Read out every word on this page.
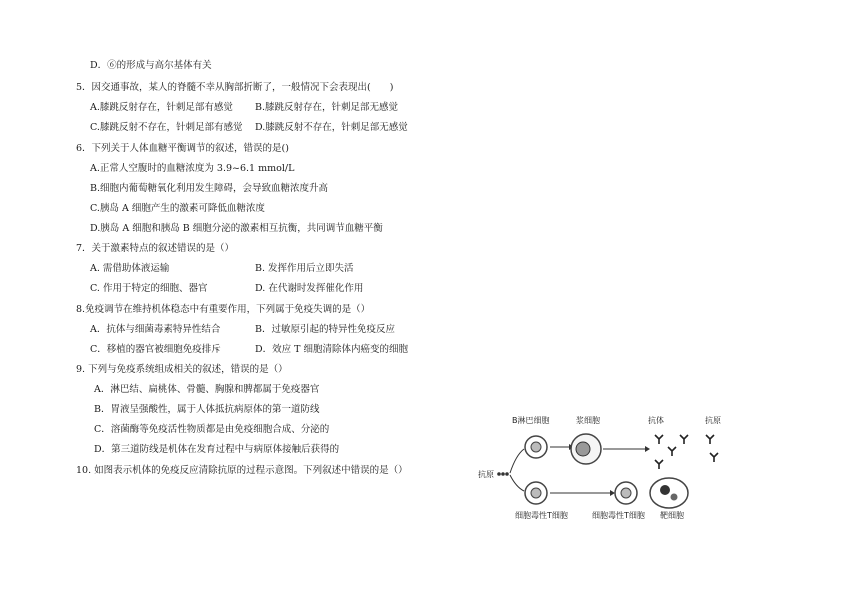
D．⑥的形成与高尔基体有关
5．因交通事故，某人的脊髓不幸从胸部折断了，一般情况下会表现出(　　)
A.膝跳反射存在，针刺足部有感觉 B.膝跳反射存在，针刺足部无感觉
C.膝跳反射不存在，针刺足部有感觉 D.膝跳反射不存在，针刺足部无感觉
6．下列关于人体血糖平衡调节的叙述，错误的是()
A.正常人空腹时的血糖浓度为 3.9~6.1 mmol/L
B.细胞内葡萄糖氧化利用发生障碍，会导致血糖浓度升高
C.胰岛 A 细胞产生的激素可降低血糖浓度
D.胰岛 A 细胞和胰岛 B 细胞分泌的激素相互抗衡，共同调节血糖平衡
7．关于激素特点的叙述错误的是（）
A. 需借助体液运输	B. 发挥作用后立即失活
C. 作用于特定的细胞、器官	D. 在代谢时发挥催化作用
8.免疫调节在维持机体稳态中有重要作用，下列属于免疫失调的是（）
A．抗体与细菌毒素特异性结合	B．过敏原引起的特异性免疫反应
C．移植的器官被细胞免疫排斥	D．效应 T 细胞清除体内癌变的细胞
9. 下列与免疫系统组成相关的叙述，错误的是（）
A．淋巴结、扁桃体、骨髓、胸腺和脾都属于免疫器官
B．胃液呈强酸性，属于人体抵抗病原体的第一道防线
C．溶菌酶等免疫活性物质都是由免疫细胞合成、分泌的
D．第三道防线是机体在发育过程中与病原体接触后获得的
10. 如图表示机体的免疫反应清除抗原的过程示意图。下列叙述中错误的是（）
B淋巴细胞	浆细胞	抗体	抗原
抗原
细胞毒性T细胞	细胞毒性T细胞 靶细胞
